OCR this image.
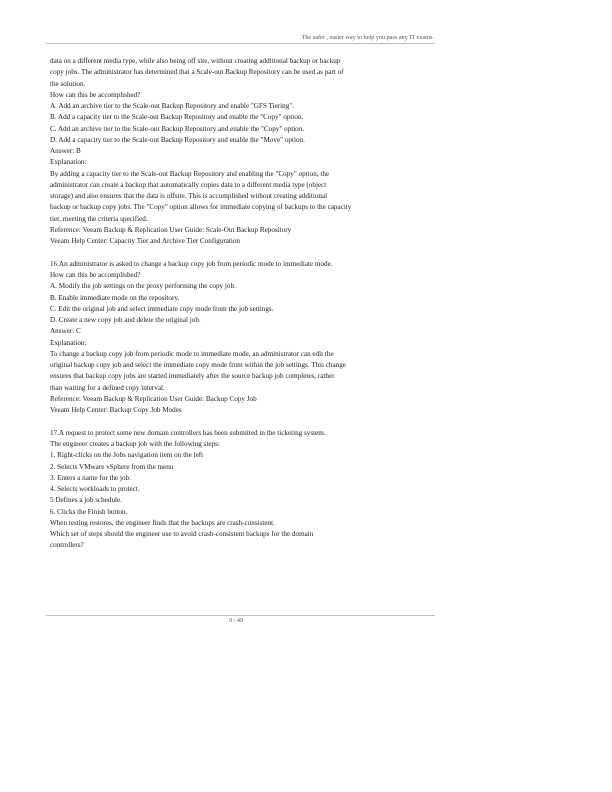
The safer , easier way to help you pass any IT exams.
data on a different media type, while also being off site, without creating additional backup or backup
copy jobs. The administrator has determined that a Scale-out Backup Repository can be used as part of
the solution.
How can this be accomplished?
A. Add an archive tier to the Scale-out Backup Repository and enable "GFS Tiering".
B. Add a capacity tier to the Scale-out Backup Repository and enable the "Copy" option.
C. Add an archive tier to the Scale-out Backup Repository and enable the "Copy" option.
D. Add a capacity tier to the Scale-out Backup Repository and enable the "Move" option.
Answer: B
Explanation:
By adding a capacity tier to the Scale-out Backup Repository and enabling the "Copy" option, the
administrator can create a backup that automatically copies data to a different media type (object
storage) and also ensures that the data is offsite. This is accomplished without creating additional
backup or backup copy jobs. The "Copy" option allows for immediate copying of backups to the capacity
tier, meeting the criteria specified.
Reference: Veeam Backup & Replication User Guide: Scale-Out Backup Repository
Veeam Help Center: Capacity Tier and Archive Tier Configuration
16.An administrator is asked to change a backup copy job from periodic mode to immediate mode.
How can this be accomplished?
A. Modify the job settings on the proxy performing the copy job.
B. Enable immediate mode on the repository.
C. Edit the original job and select immediate copy mode from the job settings.
D. Create a new copy job and delete the original job.
Answer: C
Explanation:
To change a backup copy job from periodic mode to immediate mode, an administrator can edit the
original backup copy job and select the immediate copy mode from within the job settings. This change
ensures that backup copy jobs are started immediately after the source backup job completes, rather
than waiting for a defined copy interval.
Reference: Veeam Backup & Replication User Guide: Backup Copy Job
Veeam Help Center: Backup Copy Job Modes
17.A request to protect some new domain controllers has been submitted in the ticketing system.
The engineer creates a backup job with the following steps:
1. Right-clicks on the Jobs navigation item on the left
2. Selects VMware vSphere from the menu
3. Enters a name for the job.
4. Selects workloads to protect.
5 Defines a job schedule.
6. Clicks the Finish button.
When testing restores, the engineer finds that the backups are crash-consistent.
Which set of steps should the engineer use to avoid crash-consistent backups for the domain
controllers?
9 / 49
